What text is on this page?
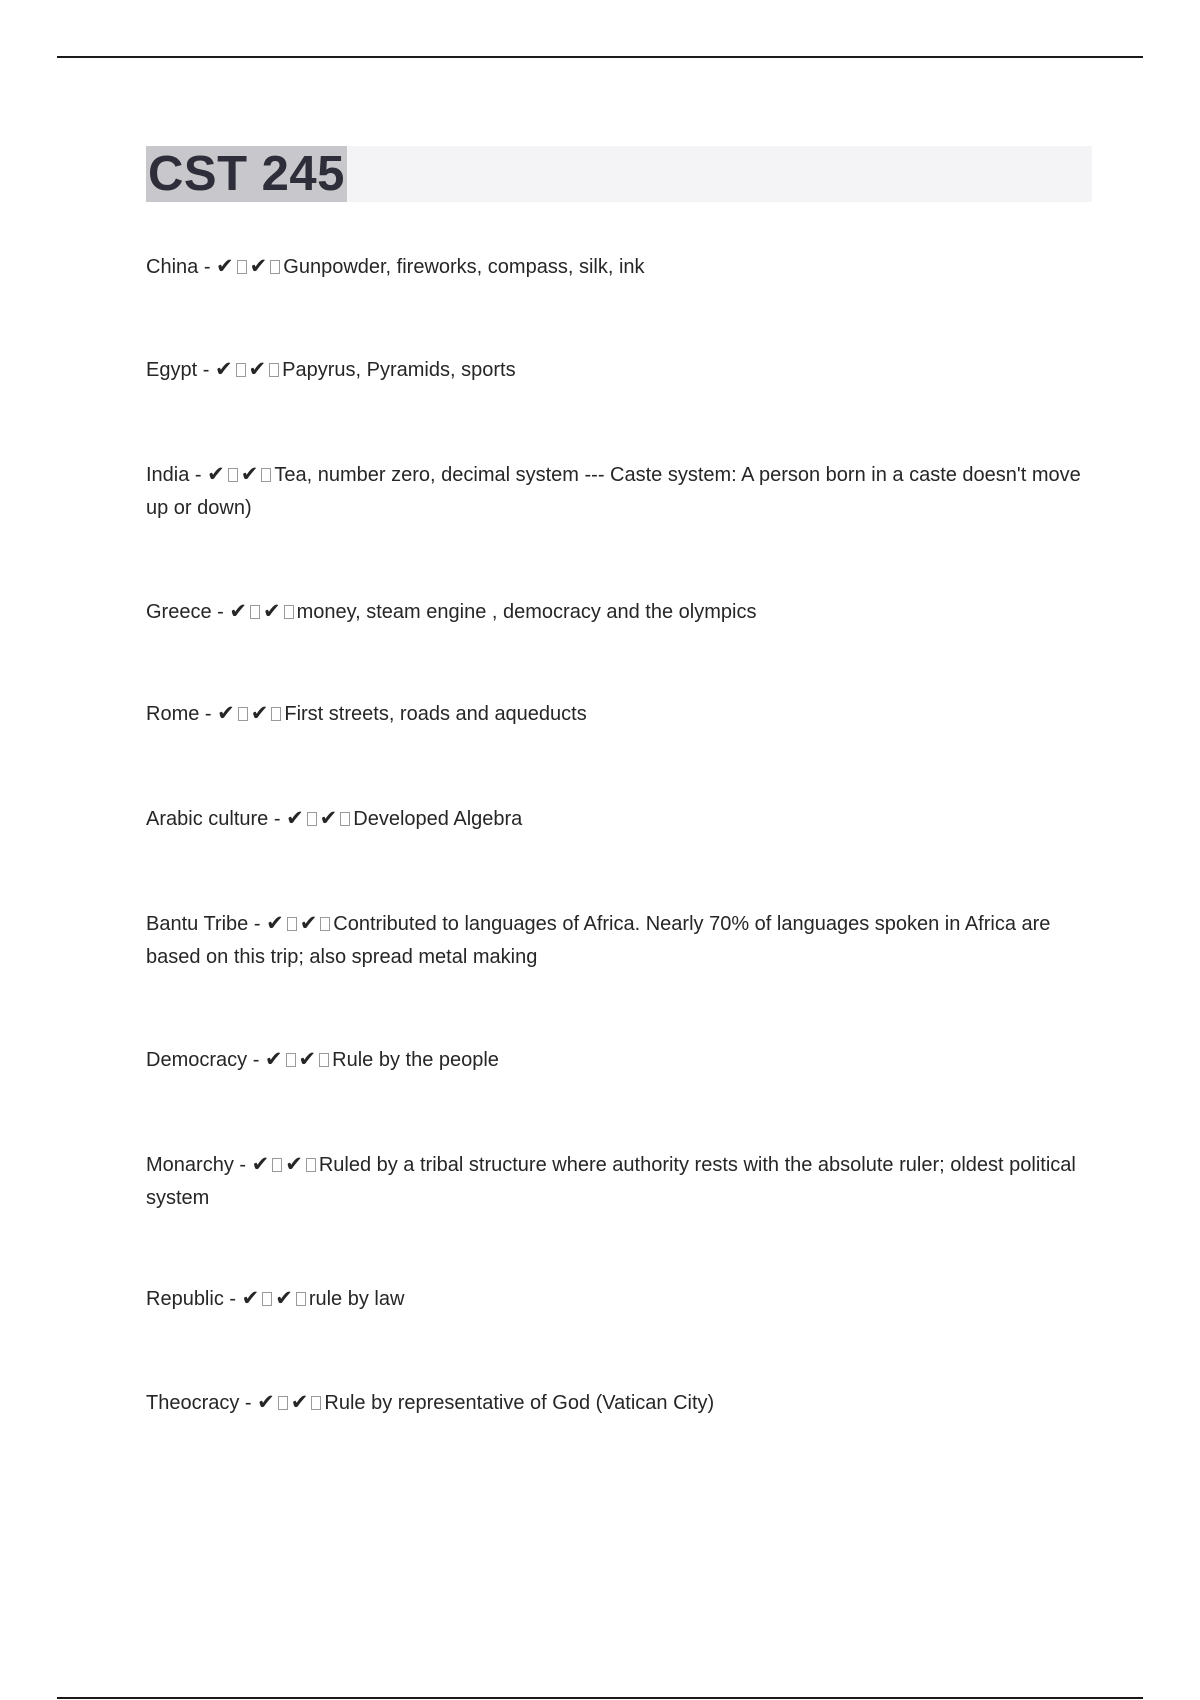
CST 245
China - ✔ ✔ Gunpowder, fireworks, compass, silk, ink
Egypt - ✔ ✔ Papyrus, Pyramids, sports
India - ✔ ✔ Tea, number zero, decimal system --- Caste system: A person born in a caste doesn't move up or down)
Greece - ✔ ✔ money, steam engine , democracy and the olympics
Rome - ✔ ✔ First streets, roads and aqueducts
Arabic culture - ✔ ✔ Developed Algebra
Bantu Tribe - ✔ ✔ Contributed to languages of Africa. Nearly 70% of languages spoken in Africa are based on this trip; also spread metal making
Democracy - ✔ ✔ Rule by the people
Monarchy - ✔ ✔ Ruled by a tribal structure where authority rests with the absolute ruler; oldest political system
Republic - ✔ ✔ rule by law
Theocracy - ✔ ✔ Rule by representative of God (Vatican City)
